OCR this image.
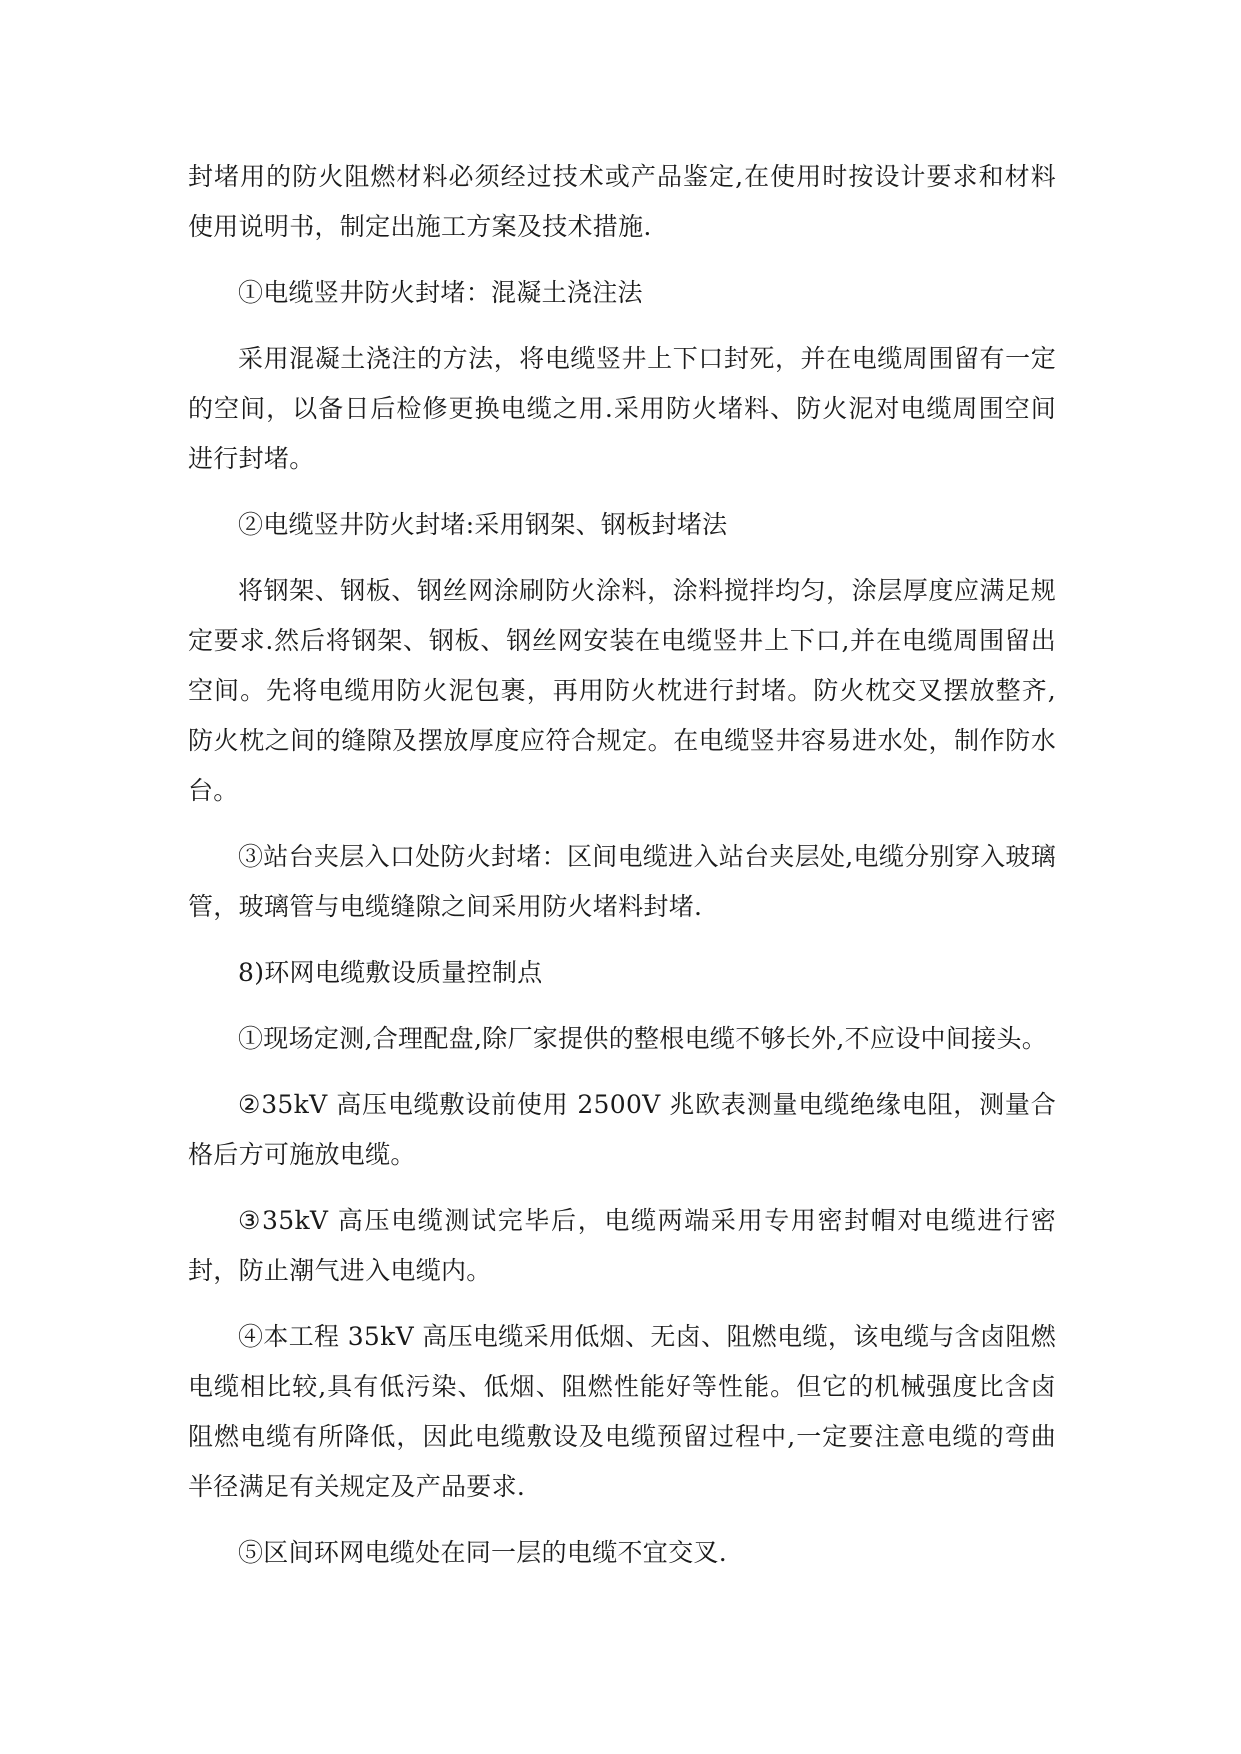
封堵用的防火阻燃材料必须经过技术或产品鉴定,在使用时按设计要求和材料使用说明书，制定出施工方案及技术措施.

①电缆竖井防火封堵：混凝土浇注法

采用混凝土浇注的方法，将电缆竖井上下口封死，并在电缆周围留有一定的空间，以备日后检修更换电缆之用.采用防火堵料、防火泥对电缆周围空间进行封堵。

②电缆竖井防火封堵:采用钢架、钢板封堵法

将钢架、钢板、钢丝网涂刷防火涂料，涂料搅拌均匀，涂层厚度应满足规定要求.然后将钢架、钢板、钢丝网安装在电缆竖井上下口,并在电缆周围留出空间。先将电缆用防火泥包裹，再用防火枕进行封堵。防火枕交叉摆放整齐,防火枕之间的缝隙及摆放厚度应符合规定。在电缆竖井容易进水处，制作防水台。

③站台夹层入口处防火封堵：区间电缆进入站台夹层处,电缆分别穿入玻璃管，玻璃管与电缆缝隙之间采用防火堵料封堵.

8)环网电缆敷设质量控制点

①现场定测,合理配盘,除厂家提供的整根电缆不够长外,不应设中间接头。

②35kV 高压电缆敷设前使用 2500V 兆欧表测量电缆绝缘电阻，测量合格后方可施放电缆。

③35kV 高压电缆测试完毕后，电缆两端采用专用密封帽对电缆进行密封，防止潮气进入电缆内。

④本工程 35kV 高压电缆采用低烟、无卤、阻燃电缆，该电缆与含卤阻燃电缆相比较,具有低污染、低烟、阻燃性能好等性能。但它的机械强度比含卤阻燃电缆有所降低，因此电缆敷设及电缆预留过程中,一定要注意电缆的弯曲半径满足有关规定及产品要求.

⑤区间环网电缆处在同一层的电缆不宜交叉.
